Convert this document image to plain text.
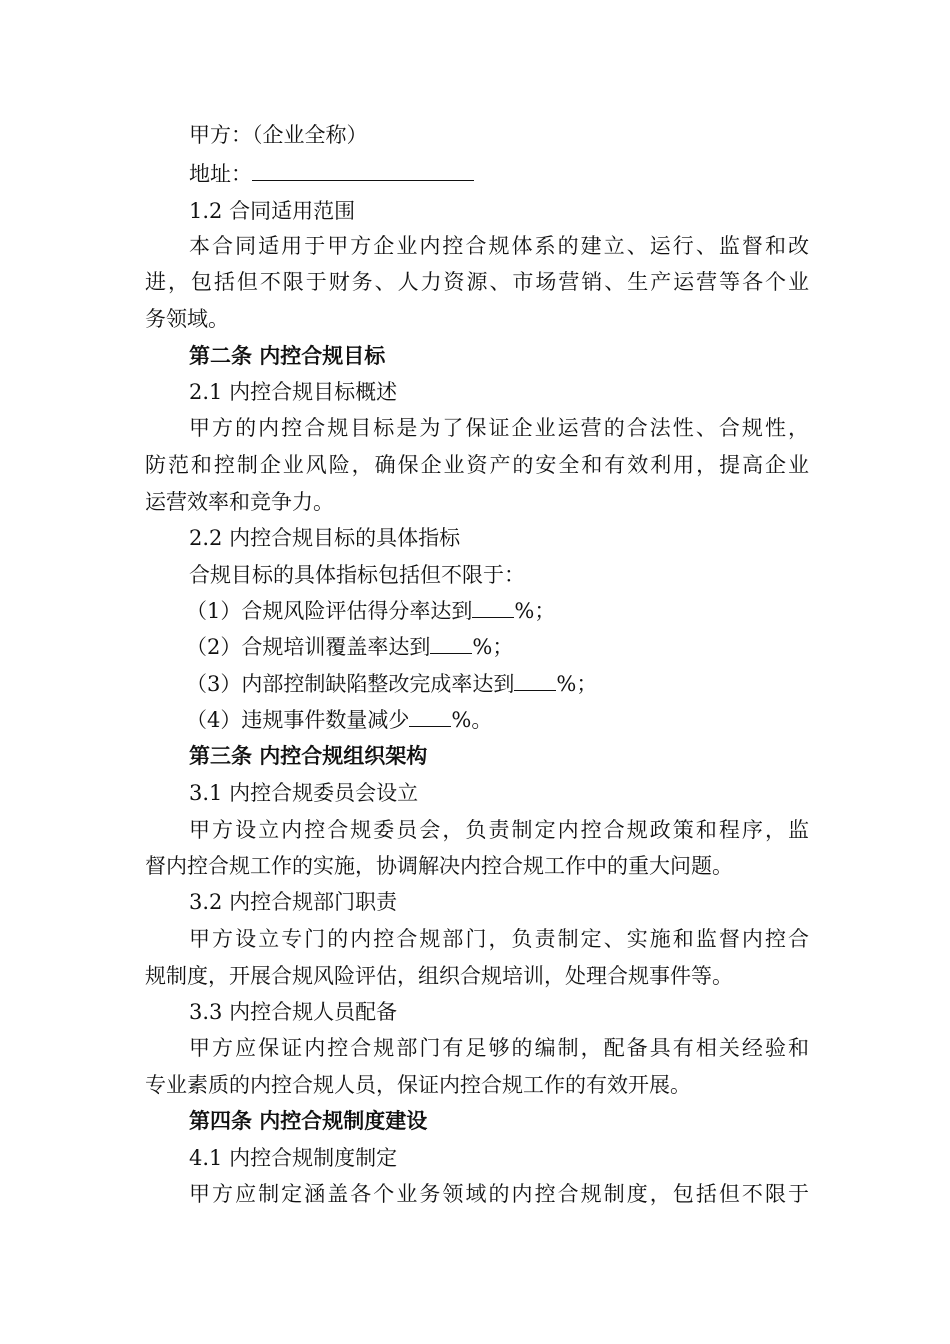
甲方：（企业全称）
地址：
1.2 合同适用范围
本合同适用于甲方企业内控合规体系的建立、运行、监督和改
进，包括但不限于财务、人力资源、市场营销、生产运营等各个业
务领域。
第二条 内控合规目标
2.1 内控合规目标概述
甲方的内控合规目标是为了保证企业运营的合法性、合规性，
防范和控制企业风险，确保企业资产的安全和有效利用，提高企业
运营效率和竞争力。
2.2 内控合规目标的具体指标
合规目标的具体指标包括但不限于：
（1）合规风险评估得分率达到 %；
（2）合规培训覆盖率达到 %；
（3）内部控制缺陷整改完成率达到 %；
（4）违规事件数量减少 %。
第三条 内控合规组织架构
3.1 内控合规委员会设立
甲方设立内控合规委员会，负责制定内控合规政策和程序，监
督内控合规工作的实施，协调解决内控合规工作中的重大问题。
3.2 内控合规部门职责
甲方设立专门的内控合规部门，负责制定、实施和监督内控合
规制度，开展合规风险评估，组织合规培训，处理合规事件等。
3.3 内控合规人员配备
甲方应保证内控合规部门有足够的编制，配备具有相关经验和
专业素质的内控合规人员，保证内控合规工作的有效开展。
第四条 内控合规制度建设
4.1 内控合规制度制定
甲方应制定涵盖各个业务领域的内控合规制度，包括但不限于
